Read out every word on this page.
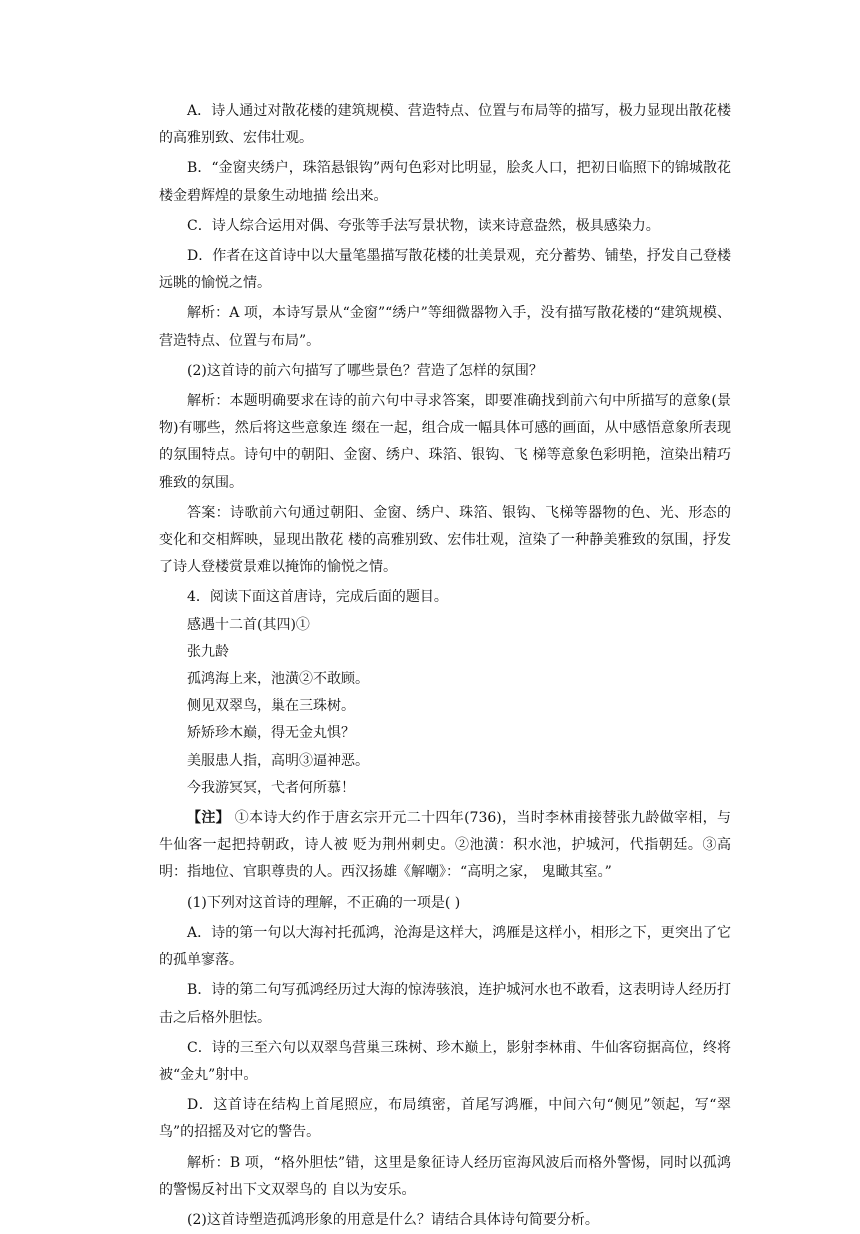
A．诗人通过对散花楼的建筑规模、营造特点、位置与布局等的描写，极力显现出散花楼的高雅别致、宏伟壮观。

B．“金窗夹绣户，珠箔悬银钩”两句色彩对比明显，脍炙人口，把初日临照下的锦城散花楼金碧辉煌的景象生动地描 绘出来。

C．诗人综合运用对偶、夸张等手法写景状物，读来诗意盎然，极具感染力。

D．作者在这首诗中以大量笔墨描写散花楼的壮美景观，充分蓄势、铺垫，抒发自己登楼远眺的愉悦之情。

解析：A 项，本诗写景从“金窗”“绣户”等细微器物入手，没有描写散花楼的“建筑规模、营造特点、位置与布局”。

(2)这首诗的前六句描写了哪些景色？营造了怎样的氛围？

解析：本题明确要求在诗的前六句中寻求答案，即要准确找到前六句中所描写的意象(景物)有哪些，然后将这些意象连 缀在一起，组合成一幅具体可感的画面，从中感悟意象所表现的氛围特点。诗句中的朝阳、金窗、绣户、珠箔、银钩、飞 梯等意象色彩明艳，渲染出精巧雅致的氛围。

答案：诗歌前六句通过朝阳、金窗、绣户、珠箔、银钩、飞梯等器物的色、光、形态的变化和交相辉映，显现出散花 楼的高雅别致、宏伟壮观，渲染了一种静美雅致的氛围，抒发了诗人登楼赏景难以掩饰的愉悦之情。

4．阅读下面这首唐诗，完成后面的题目。

感遇十二首(其四)①

张九龄

孤鸿海上来，池潢②不敢顾。

侧见双翠鸟，巢在三珠树。

矫矫珍木巅，得无金丸惧？

美服患人指，高明③逼神恶。

今我游冥冥，弋者何所慕！

【注】 ①本诗大约作于唐玄宗开元二十四年(736)，当时李林甫接替张九龄做宰相，与牛仙客一起把持朝政，诗人被 贬为荆州刺史。②池潢：积水池，护城河，代指朝廷。③高明：指地位、官职尊贵的人。西汉扬雄《解嘲》：“高明之家， 鬼瞰其室。”

(1)下列对这首诗的理解，不正确的一项是( )

A．诗的第一句以大海衬托孤鸿，沧海是这样大，鸿雁是这样小，相形之下，更突出了它的孤单寥落。

B．诗的第二句写孤鸿经历过大海的惊涛骇浪，连护城河水也不敢看，这表明诗人经历打击之后格外胆怯。

C．诗的三至六句以双翠鸟营巢三珠树、珍木巅上，影射李林甫、牛仙客窃据高位，终将被“金丸”射中。

D．这首诗在结构上首尾照应，布局缜密，首尾写鸿雁，中间六句“侧见”领起，写“翠鸟”的招摇及对它的警告。

解析：B 项，“格外胆怯”错，这里是象征诗人经历宦海风波后而格外警惕，同时以孤鸿的警惕反衬出下文双翠鸟的 自以为安乐。

(2)这首诗塑造孤鸿形象的用意是什么？请结合具体诗句简要分析。
